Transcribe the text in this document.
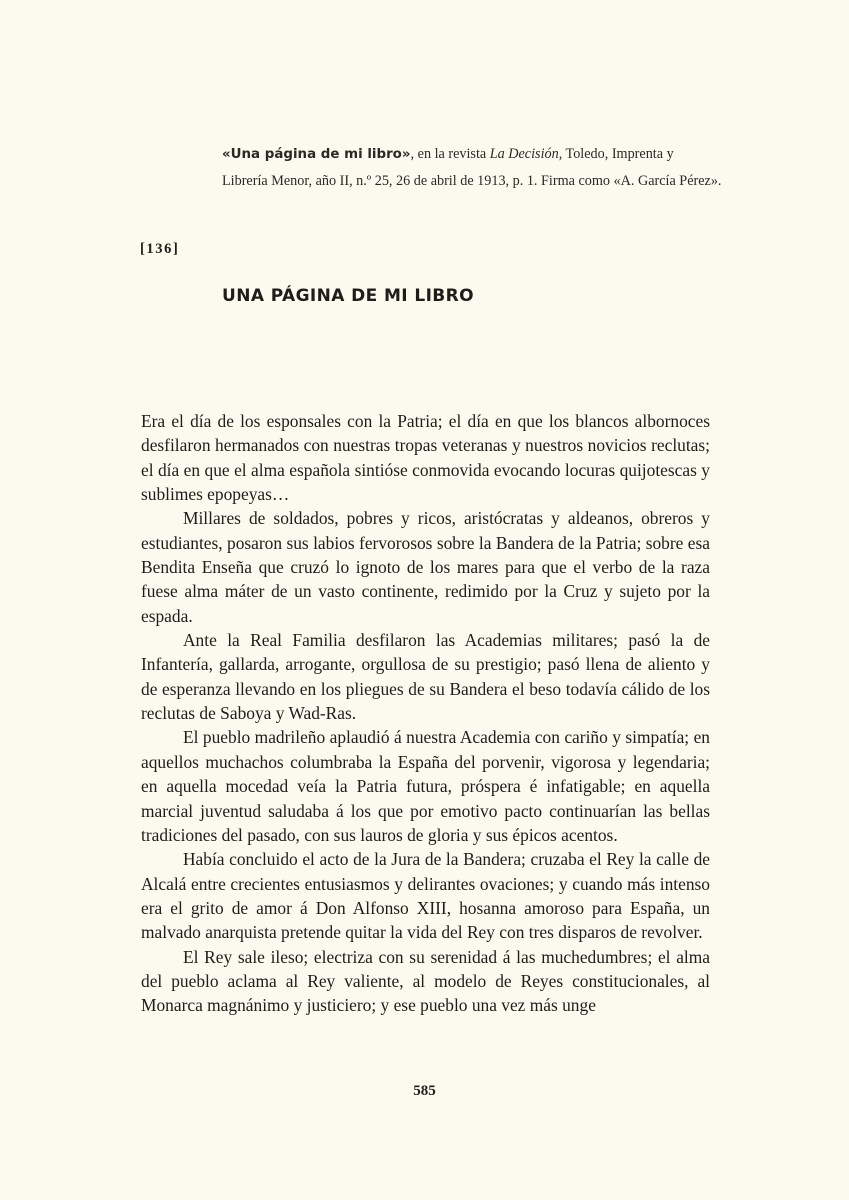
«Una página de mi libro», en la revista La Decisión, Toledo, Imprenta y Librería Menor, año II, n.º 25, 26 de abril de 1913, p. 1. Firma como «A. García Pérez».
[136]
UNA PÁGINA DE MI LIBRO

Era el día de los esponsales con la Patria; el día en que los blancos albornoces desfilaron hermanados con nuestras tropas veteranas y nuestros novicios reclutas; el día en que el alma española sintióse conmovida evocando locuras quijotescas y sublimes epopeyas…

Millares de soldados, pobres y ricos, aristócratas y aldeanos, obreros y estudiantes, posaron sus labios fervorosos sobre la Bandera de la Patria; sobre esa Bendita Enseña que cruzó lo ignoto de los mares para que el verbo de la raza fuese alma máter de un vasto continente, redimido por la Cruz y sujeto por la espada.

Ante la Real Familia desfilaron las Academias militares; pasó la de Infantería, gallarda, arrogante, orgullosa de su prestigio; pasó llena de aliento y de esperanza llevando en los pliegues de su Bandera el beso todavía cálido de los reclutas de Saboya y Wad-Ras.

El pueblo madrileño aplaudió á nuestra Academia con cariño y simpatía; en aquellos muchachos columbraba la España del porvenir, vigorosa y legendaria; en aquella mocedad veía la Patria futura, próspera é infatigable; en aquella marcial juventud saludaba á los que por emotivo pacto continuarían las bellas tradiciones del pasado, con sus lauros de gloria y sus épicos acentos.

Había concluido el acto de la Jura de la Bandera; cruzaba el Rey la calle de Alcalá entre crecientes entusiasmos y delirantes ovaciones; y cuando más intenso era el grito de amor á Don Alfonso XIII, hosanna amoroso para España, un malvado anarquista pretende quitar la vida del Rey con tres disparos de revolver.

El Rey sale ileso; electriza con su serenidad á las muchedumbres; el alma del pueblo aclama al Rey valiente, al modelo de Reyes constitucionales, al Monarca magnánimo y justiciero; y ese pueblo una vez más unge

585
